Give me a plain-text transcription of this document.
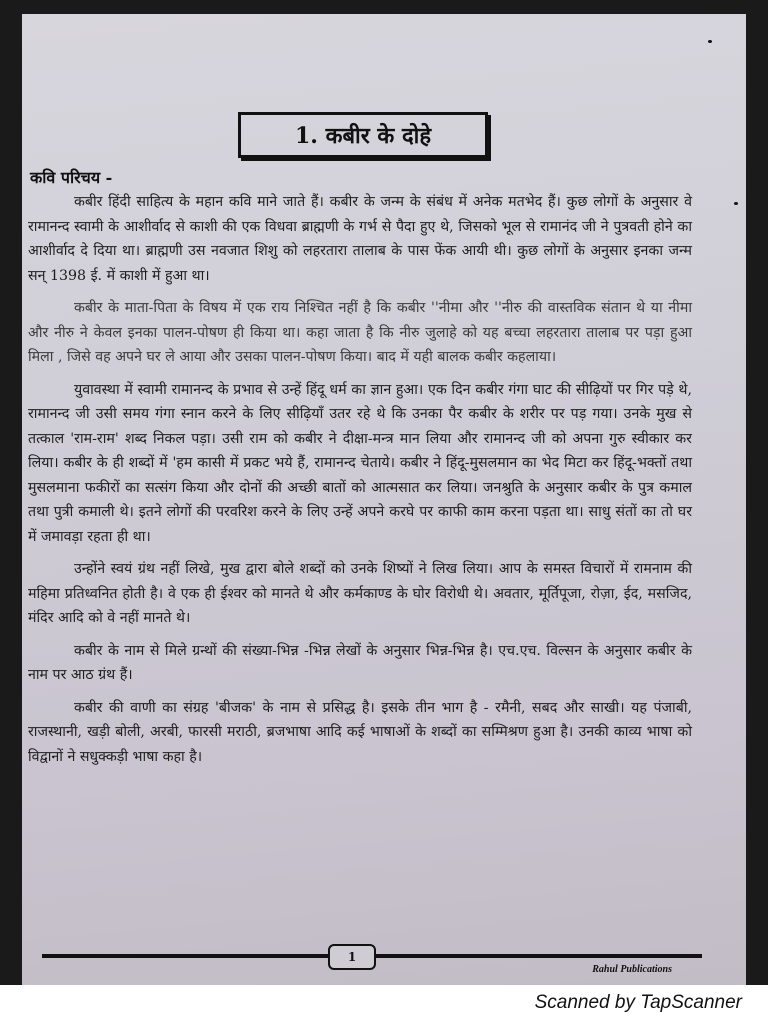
1. कबीर के दोहे
कवि परिचय -

कबीर हिंदी साहित्य के महान कवि माने जाते हैं। कबीर के जन्म के संबंध में अनेक मतभेद हैं। कुछ लोगों के अनुसार वे रामानन्द स्वामी के आशीर्वाद से काशी की एक विधवा ब्राह्मणी के गर्भ से पैदा हुए थे, जिसको भूल से रामानंद जी ने पुत्रवती होने का आशीर्वाद दे दिया था। ब्राह्मणी उस नवजात शिशु को लहरतारा तालाब के पास फेंक आयी थी। कुछ लोगों के अनुसार इनका जन्म सन् 1398 ई. में काशी में हुआ था।

कबीर के माता-पिता के विषय में एक राय निश्चित नहीं है कि कबीर ''नीमा और ''नीरु की वास्तविक संतान थे या नीमा और नीरु ने केवल इनका पालन-पोषण ही किया था। कहा जाता है कि नीरु जुलाहे को यह बच्चा लहरतारा तालाब पर पड़ा हुआ मिला , जिसे वह अपने घर ले आया और उसका पालन-पोषण किया। बाद में यही बालक कबीर कहलाया।

युवावस्था में स्वामी रामानन्द के प्रभाव से उन्हें हिंदू धर्म का ज्ञान हुआ। एक दिन कबीर गंगा घाट की सीढ़ियों पर गिर पड़े थे, रामानन्द जी उसी समय गंगा स्नान करने के लिए सीढ़ियाँ उतर रहे थे कि उनका पैर कबीर के शरीर पर पड़ गया। उनके मुख से तत्काल 'राम-राम' शब्द निकल पड़ा। उसी राम को कबीर ने दीक्षा-मन्त्र मान लिया और रामानन्द जी को अपना गुरु स्वीकार कर लिया। कबीर के ही शब्दों में 'हम कासी में प्रकट भये हैं, रामानन्द चेताये। कबीर ने हिंदू-मुसलमान का भेद मिटा कर हिंदू-भक्तों तथा मुसलमाना फकीरों का सत्संग किया और दोनों की अच्छी बातों को आत्मसात कर लिया। जनश्रुति के अनुसार कबीर के पुत्र कमाल तथा पुत्री कमाली थे। इतने लोगों की परवरिश करने के लिए उन्हें अपने करघे पर काफी काम करना पड़ता था। साधु संतों का तो घर में जमावड़ा रहता ही था।

उन्होंने स्वयं ग्रंथ नहीं लिखे, मुख द्वारा बोले शब्दों को उनके शिष्यों ने लिख लिया। आप के समस्त विचारों में रामनाम की महिमा प्रतिध्वनित होती है। वे एक ही ईश्वर को मानते थे और कर्मकाण्ड के घोर विरोधी थे। अवतार, मूर्तिपूजा, रोज़ा, ईद, मसजिद, मंदिर आदि को वे नहीं मानते थे।

कबीर के नाम से मिले ग्रन्थों की संख्या-भिन्न -भिन्न लेखों के अनुसार भिन्न-भिन्न है। एच.एच. विल्सन के अनुसार कबीर के नाम पर आठ ग्रंथ हैं।

कबीर की वाणी का संग्रह 'बीजक' के नाम से प्रसिद्ध है। इसके तीन भाग है - रमैनी, सबद और साखी। यह पंजाबी, राजस्थानी, खड़ी बोली, अरबी, फारसी मराठी, ब्रजभाषा आदि कई भाषाओं के शब्दों का सम्मिश्रण हुआ है। उनकी काव्य भाषा को विद्वानों ने सधुक्कड़ी भाषा कहा है।

1
Rahul Publications
Scanned by TapScanner
